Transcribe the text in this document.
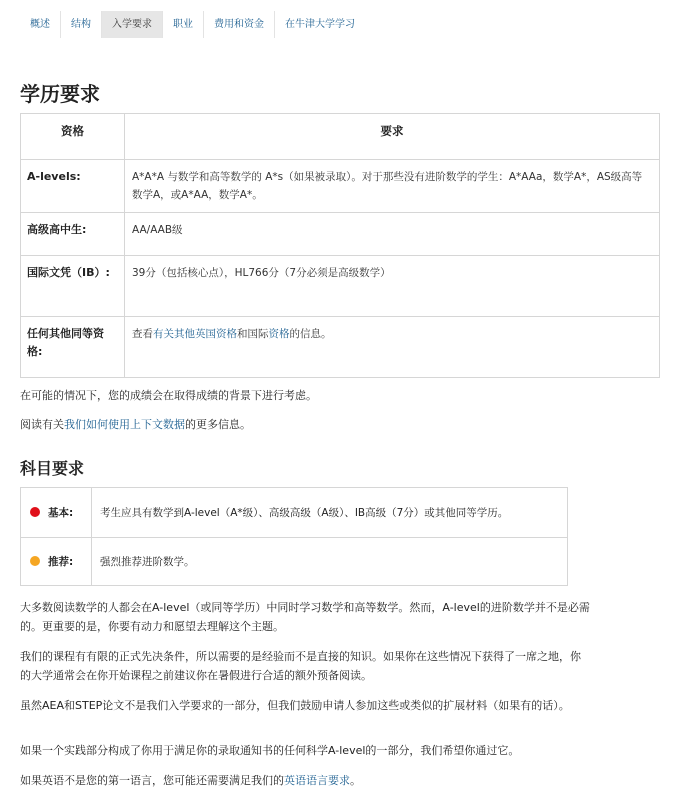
概述	结构	入学要求	职业	费用和资金	在牛津大学学习
学历要求
资格	要求
A-levels:	A*A*A 与数学和高等数学的 A*s（如果被录取）。对于那些没有进阶数学的学生：A*AAa，数学A*，AS级高等数学A，或A*AA，数学A*。
高级高中生:	AA/AAB级
国际文凭（IB）:	39分（包括核心点），HL766分（7分必须是高级数学）
任何其他同等资格:	查看有关其他英国资格和国际资格的信息。

在可能的情况下，您的成绩会在取得成绩的背景下进行考虑。

阅读有关我们如何使用上下文数据的更多信息。

科目要求
基本:	考生应具有数学到A-level（A*级）、高级高级（A级）、IB高级（7分）或其他同等学历。
推荐:	强烈推荐进阶数学。

大多数阅读数学的人都会在A-level（或同等学历）中同时学习数学和高等数学。然而，A-level的进阶数学并不是必需的。更重要的是，你要有动力和愿望去理解这个主题。

我们的课程有有限的正式先决条件，所以需要的是经验而不是直接的知识。如果你在这些情况下获得了一席之地，你的大学通常会在你开始课程之前建议你在暑假进行合适的额外预备阅读。

虽然AEA和STEP论文不是我们入学要求的一部分，但我们鼓励申请人参加这些或类似的扩展材料（如果有的话）。

如果一个实践部分构成了你用于满足你的录取通知书的任何科学A-level的一部分，我们希望你通过它。

如果英语不是您的第一语言，您可能还需要满足我们的英语语言要求。
